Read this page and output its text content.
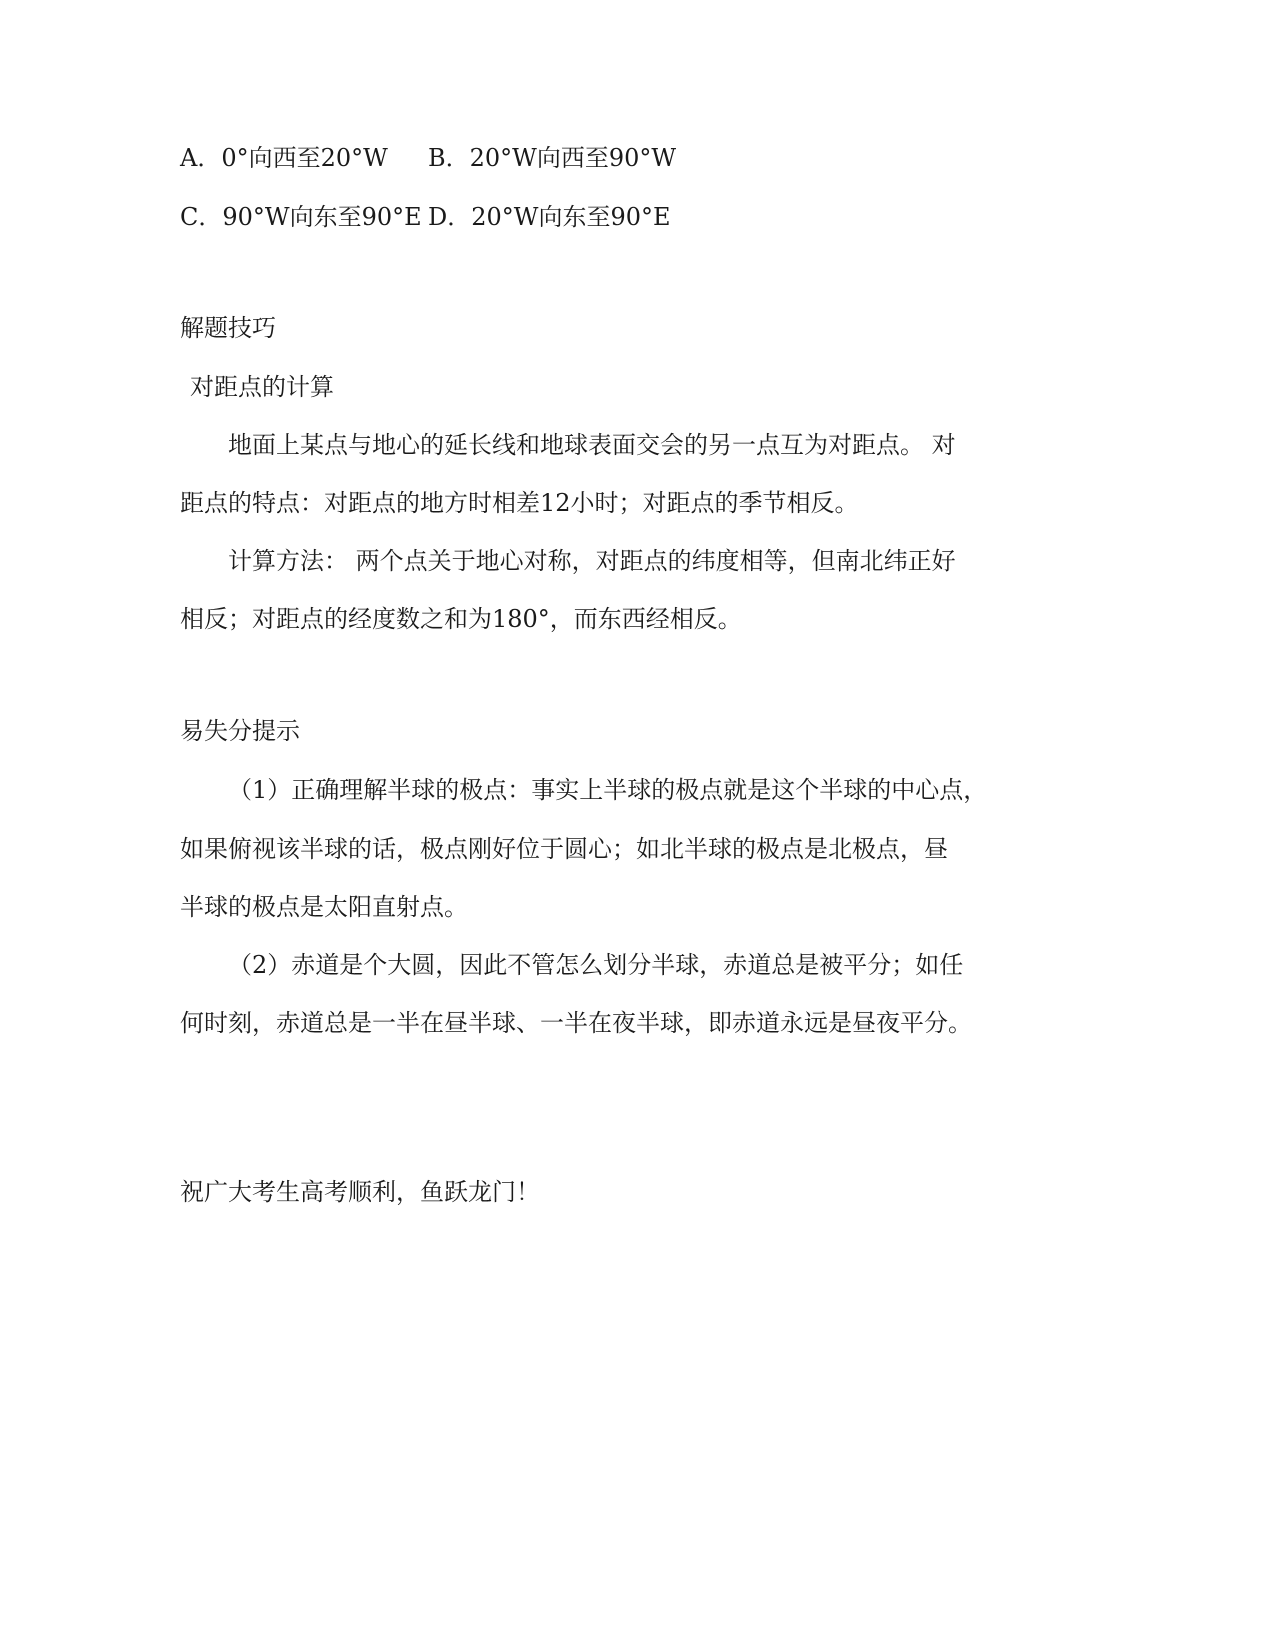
A．0°向西至20°W B．20°W向西至90°W
C．90°W向东至90°E D．20°W向东至90°E

解题技巧

对距点的计算

地面上某点与地心的延长线和地球表面交会的另一点互为对距点。 对

距点的特点：对距点的地方时相差12小时；对距点的季节相反。

计算方法： 两个点关于地心对称，对距点的纬度相等，但南北纬正好

相反；对距点的经度数之和为180°，而东西经相反。

易失分提示

（1）正确理解半球的极点：事实上半球的极点就是这个半球的中心点，

如果俯视该半球的话，极点刚好位于圆心；如北半球的极点是北极点，昼

半球的极点是太阳直射点。

（2）赤道是个大圆，因此不管怎么划分半球，赤道总是被平分；如任

何时刻，赤道总是一半在昼半球、一半在夜半球，即赤道永远是昼夜平分。

祝广大考生高考顺利，鱼跃龙门！
